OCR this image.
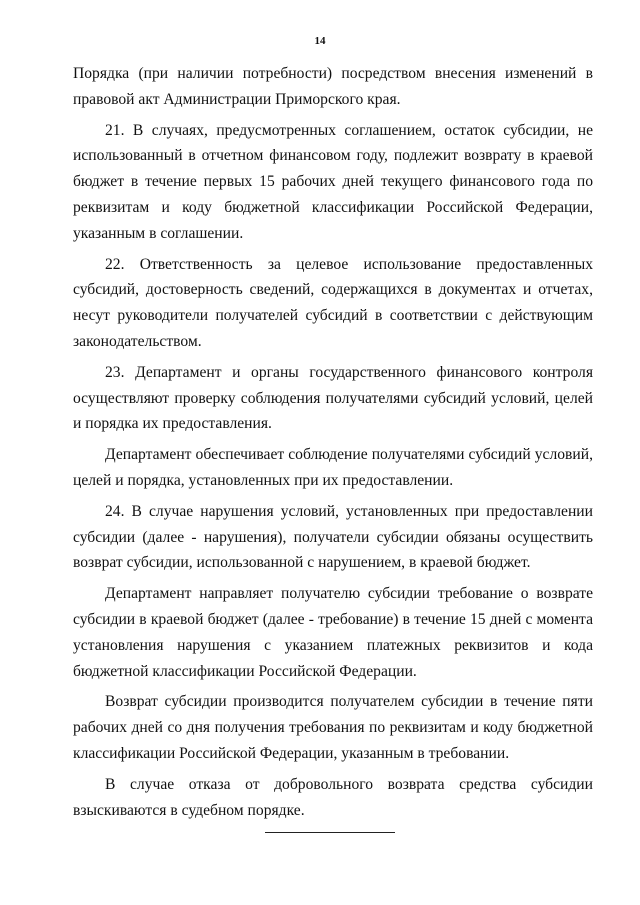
14

Порядка (при наличии потребности) посредством внесения изменений в правовой акт Администрации Приморского края.

21. В случаях, предусмотренных соглашением, остаток субсидии, не использованный в отчетном финансовом году, подлежит возврату в краевой бюджет в течение первых 15 рабочих дней текущего финансового года по реквизитам и коду бюджетной классификации Российской Федерации, указанным в соглашении.

22. Ответственность за целевое использование предоставленных субсидий, достоверность сведений, содержащихся в документах и отчетах, несут руководители получателей субсидий в соответствии с действующим законодательством.

23. Департамент и органы государственного финансового контроля осуществляют проверку соблюдения получателями субсидий условий, целей и порядка их предоставления.

Департамент обеспечивает соблюдение получателями субсидий условий, целей и порядка, установленных при их предоставлении.

24. В случае нарушения условий, установленных при предоставлении субсидии (далее - нарушения), получатели субсидии обязаны осуществить возврат субсидии, использованной с нарушением, в краевой бюджет.

Департамент направляет получателю субсидии требование о возврате субсидии в краевой бюджет (далее - требование) в течение 15 дней с момента установления нарушения с указанием платежных реквизитов и кода бюджетной классификации Российской Федерации.

Возврат субсидии производится получателем субсидии в течение пяти рабочих дней со дня получения требования по реквизитам и коду бюджетной классификации Российской Федерации, указанным в требовании.

В случае отказа от добровольного возврата средства субсидии взыскиваются в судебном порядке.
